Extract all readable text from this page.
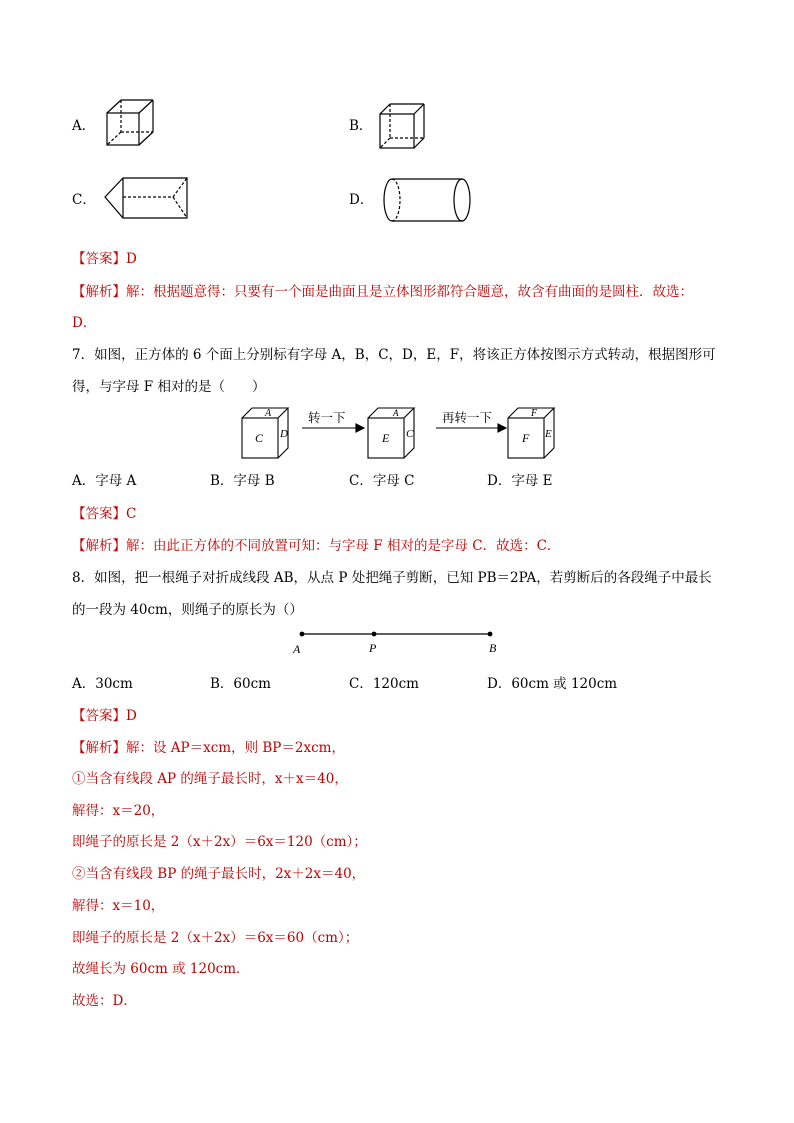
A．	B．
C．	D．
【答案】D
【解析】解：根据题意得：只要有一个面是曲面且是立体图形都符合题意，故含有曲面的是圆柱．故选：
D．
7．如图，正方体的 6 个面上分别标有字母 A，B，C，D，E，F，将该正方体按图示方式转动，根据图形可
得，与字母 F 相对的是（　　）
C D
A
E C
A
F E
F
转一下	再转一下
A．字母 A	B．字母 B	C．字母 C	D．字母 E
【答案】C
【解析】解：由此正方体的不同放置可知：与字母 F 相对的是字母 C．故选：C．
8．如图，把一根绳子对折成线段 AB，从点 P 处把绳子剪断，已知 PB＝2PA，若剪断后的各段绳子中最长
的一段为 40cm，则绳子的原长为（）
A	P	B
A．30cm	B．60cm	C．120cm	D．60cm 或 120cm
【答案】D
【解析】解：设 AP＝xcm，则 BP＝2xcm，
①当含有线段 AP 的绳子最长时，x＋x＝40，
解得：x＝20，
即绳子的原长是 2（x＋2x）＝6x＝120（cm）；
②当含有线段 BP 的绳子最长时，2x＋2x＝40，
解得：x＝10，
即绳子的原长是 2（x＋2x）＝6x＝60（cm）；
故绳长为 60cm 或 120cm．
故选：D．
